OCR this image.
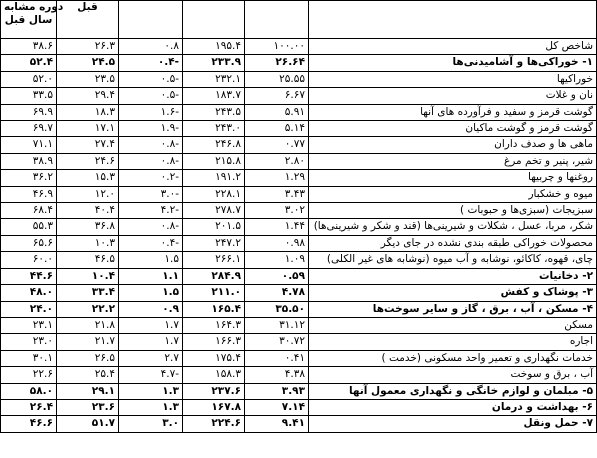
دوره مشابه
سال قبل	قبل				

۳۸.۶	۲۶.۳	۰.۸	۱۹۵.۴	۱۰۰.۰۰	شاخص کل
۵۲.۴	۲۴.۵	۰.۴-	۲۳۳.۹	۲۶.۶۴	۱- خوراکی‌ها و آشامیدنی‌ها
۵۲.۰	۲۳.۵	۰.۵-	۲۳۲.۱	۲۵.۵۵	خوراکیها
۳۳.۵	۲۹.۴	۰.۵-	۱۸۳.۷	۶.۶۷	نان و غلات
۶۹.۹	۱۸.۳	۱.۶-	۲۴۳.۵	۵.۹۱	گوشت قرمز و سفید و فرآورده های آنها
۶۹.۷	۱۷.۱	۱.۹-	۲۴۳.۰	۵.۱۴	گوشت قرمز و گوشت ماکیان
۷۱.۱	۲۷.۴	۰.۸-	۲۴۶.۸	۰.۷۷	ماهی ها و صدف داران
۳۸.۹	۲۴.۶	۰.۸-	۲۱۵.۸	۲.۸۰	شیر، پنیر و تخم مرغ
۳۶.۲	۱۵.۳	۰.۲-	۱۹۱.۲	۱.۲۹	روغنها و چربیها
۴۶.۹	۱۲.۰	۳.۰-	۲۲۸.۱	۳.۴۳	میوه و خشکبار
۶۸.۴	۴۰.۴	۴.۲-	۲۷۸.۷	۳.۰۲	سبزیجات (سبزی‌ها و حبوبات )
۵۵.۳	۳۶.۸	۰.۸-	۲۰۱.۵	۱.۴۴	شکر، مربا، عسل ، شکلات و شیرینی‌ها (قند و شکر و شیرینی‌ها)
۶۵.۶	۱۰.۳	۰.۴-	۲۴۷.۲	۰.۹۸	محصولات خوراکی طبقه بندی نشده در جای دیگر
۶۰.۰	۴۶.۵	۱.۵	۲۶۶.۱	۱.۰۹	چای، قهوه، کاکائو، نوشابه و آب میوه (نوشابه های غیر الکلی)
۴۴.۶	۱۰.۴	۱.۱	۲۸۴.۹	۰.۵۹	۲- دخانیات
۴۸.۰	۳۳.۴	۱.۵	۲۱۱.۰	۴.۷۸	۳- پوشاک و کفش
۲۴.۰	۲۲.۲	۰.۹	۱۶۵.۴	۳۵.۵۰	۴- مسکن ، آب ، برق ، گاز و سایر سوخت‌ها
۲۳.۱	۲۱.۸	۱.۷	۱۶۴.۳	۳۱.۱۲	مسکن
۲۳.۰	۲۱.۷	۱.۷	۱۶۶.۳	۳۰.۷۲	اجاره
۳۰.۱	۲۶.۵	۲.۷	۱۷۵.۴	۰.۴۱	خدمات نگهداری و تعمیر واحد مسکونی (خدمت )
۲۲.۶	۲۵.۴	۴.۷-	۱۵۸.۳	۴.۳۸	آب ، برق و سوخت
۵۸.۰	۲۹.۱	۱.۳	۲۳۷.۶	۳.۹۳	۵- مبلمان و لوازم خانگی و نگهداری معمول آنها
۲۶.۴	۲۳.۶	۱.۳	۱۶۷.۸	۷.۱۴	۶- بهداشت و درمان
۴۶.۶	۵۱.۷	۳.۰	۲۲۴.۶	۹.۴۱	۷- حمل ونقل
